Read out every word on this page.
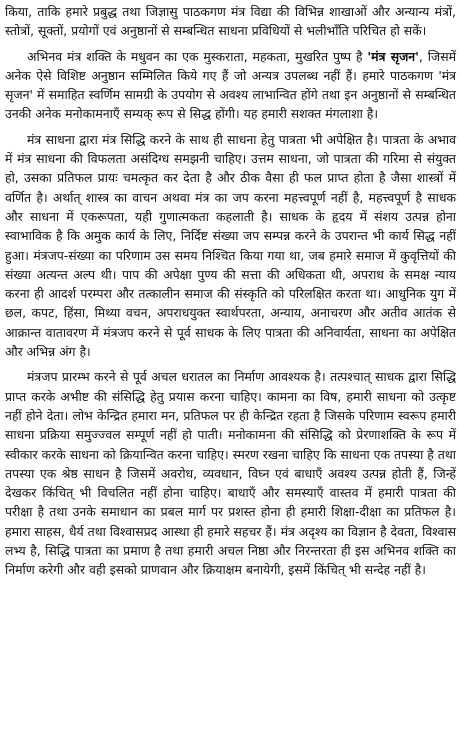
किया, ताकि हमारे प्रबुद्ध तथा जिज्ञासु पाठकगण मंत्र विद्या की विभिन्न शाखाओं और अन्यान्य मंत्रों, स्तोत्रों, सूक्तों, प्रयोगों एवं अनुष्ठानों से सम्बन्धित साधना प्रविधियों से भलीभाँति परिचित हो सकें।

अभिनव मंत्र शक्ति के मधुवन का एक मुस्कराता, महकता, मुखरित पुष्प है 'मंत्र सृजन', जिसमें अनेक ऐसे विशिष्ट अनुष्ठान सम्मिलित किये गए हैं जो अन्यत्र उपलब्ध नहीं हैं। हमारे पाठकगण 'मंत्र सृजन' में समाहित स्वर्णिम सामग्री के उपयोग से अवश्य लाभान्वित होंगे तथा इन अनुष्ठानों से सम्बन्धित उनकी अनेक मनोकामनाएँ सम्यक् रूप से सिद्ध होंगी। यह हमारी सशक्त मंगलाशा है।

मंत्र साधना द्वारा मंत्र सिद्धि करने के साथ ही साधना हेतु पात्रता भी अपेक्षित है। पात्रता के अभाव में मंत्र साधना की विफलता असंदिग्ध समझनी चाहिए। उत्तम साधना, जो पात्रता की गरिमा से संयुक्त हो, उसका प्रतिफल प्रायः चमत्कृत कर देता है और ठीक वैसा ही फल प्राप्त होता है जैसा शास्त्रों में वर्णित है। अर्थात् शास्त्र का वाचन अथवा मंत्र का जप करना महत्त्वपूर्ण नहीं है, महत्त्वपूर्ण है साधक और साधना में एकरूपता, यही गुणात्मकता कहलाती है। साधक के हृदय में संशय उत्पन्न होना स्वाभाविक है कि अमुक कार्य के लिए, निर्दिष्ट संख्या जप सम्पन्न करने के उपरान्त भी कार्य सिद्ध नहीं हुआ। मंत्रजप-संख्या का परिणाम उस समय निश्चित किया गया था, जब हमारे समाज में कुवृत्तियों की संख्या अत्यन्त अल्प थी। पाप की अपेक्षा पुण्य की सत्ता की अधिकता थी, अपराध के समक्ष न्याय करना ही आदर्श परम्परा और तत्कालीन समाज की संस्कृति को परिलक्षित करता था। आधुनिक युग में छल, कपट, हिंसा, मिथ्या वचन, अपराधयुक्त स्वार्थपरता, अन्याय, अनाचरण और अतीव आतंक से आक्रान्त वातावरण में मंत्रजप करने से पूर्व साधक के लिए पात्रता की अनिवार्यता, साधना का अपेक्षित और अभिन्न अंग है।

मंत्रजप प्रारम्भ करने से पूर्व अचल धरातल का निर्माण आवश्यक है। तत्पश्चात् साधक द्वारा सिद्धि प्राप्त करके अभीष्ट की संसिद्धि हेतु प्रयास करना चाहिए। कामना का विष, हमारी साधना को उत्कृष्ट नहीं होने देता। लोभ केन्द्रित हमारा मन, प्रतिफल पर ही केन्द्रित रहता है जिसके परिणाम स्वरूप हमारी साधना प्रक्रिया समुज्ज्वल सम्पूर्ण नहीं हो पाती। मनोकामना की संसिद्धि को प्रेरणाशक्ति के रूप में स्वीकार करके साधना को क्रियान्वित करना चाहिए। स्मरण रखना चाहिए कि साधना एक तपस्या है तथा तपस्या एक श्रेष्ठ साधन है जिसमें अवरोध, व्यवधान, विघ्न एवं बाधाएँ अवश्य उत्पन्न होती हैं, जिन्हें देखकर किंचित् भी विचलित नहीं होना चाहिए। बाधाएँ और समस्याएँ वास्तव में हमारी पात्रता की परीक्षा है तथा उनके समाधान का प्रबल मार्ग पर प्रशस्त होना ही हमारी शिक्षा-दीक्षा का प्रतिफल है। हमारा साहस, धैर्य तथा विश्वासप्रद आस्था ही हमारे सहचर हैं। मंत्र अदृश्य का विज्ञान है देवता, विश्वास लभ्य है, सिद्धि पात्रता का प्रमाण है तथा हमारी अचल निष्ठा और निरन्तरता ही इस अभिनव शक्ति का निर्माण करेगी और वही इसको प्राणवान और क्रियाक्षम बनायेगी, इसमें किंचित् भी सन्देह नहीं है।
